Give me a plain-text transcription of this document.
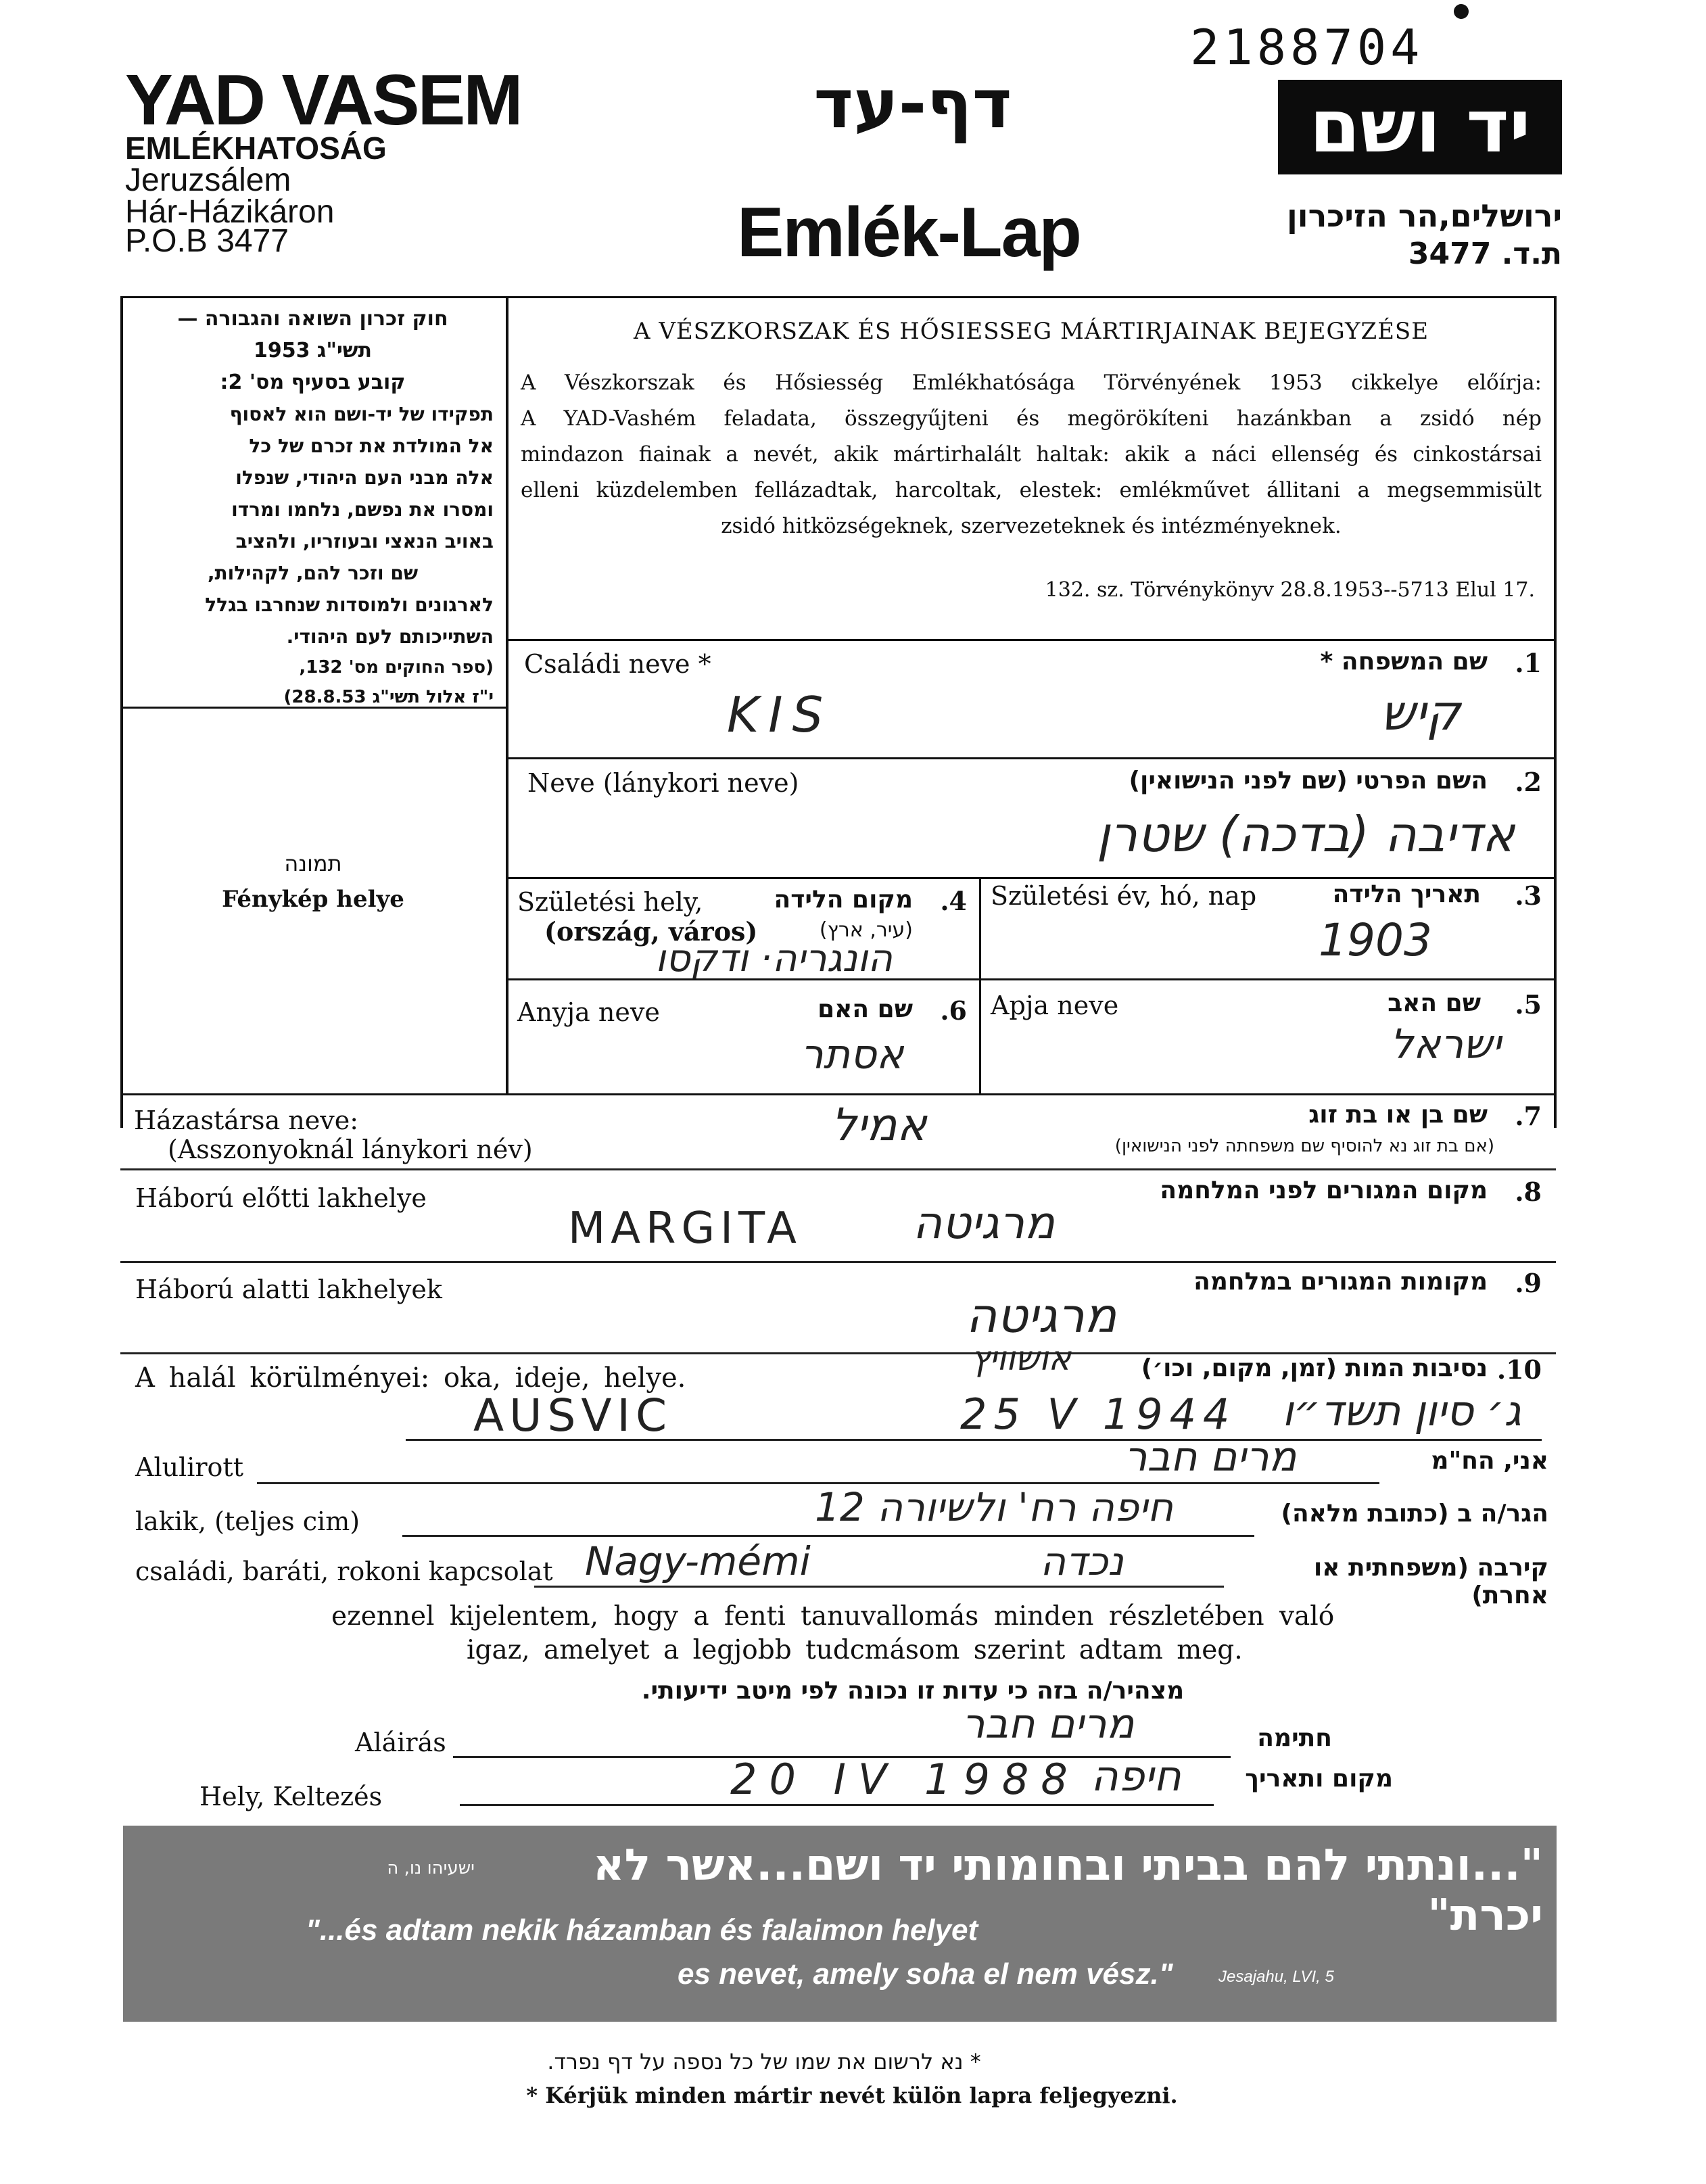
2188704
YAD VASEM
EMLÉKHATOSÁG
Jeruzsálem
Hár-Házikáron
P.O.B 3477
דף-עד
Emlék-Lap
יד ושם
ירושלים,הר הזיכרון
ת.ד. 3477
חוק זכרון השואה והגבורה —
תשי"ג 1953
קובע בסעיף מס' 2:
תפקידו של יד-ושם הוא לאסוף
אל המולדת את זכרם של כל
אלה מבני העם היהודי, שנפלו
ומסרו את נפשם, נלחמו ומרדו
באויב הנאצי ובעוזריו, ולהציב
שם וזכר להם, לקהילות,
לארגונים ולמוסדות שנחרבו בגלל
השתייכותם לעם היהודי.
(ספר החוקים מס' 132,
י"ז אלול תשי"ג 28.8.53)
תמונה
Fénykép helye
A VÉSZKORSZAK ÉS HŐSIESSEG MÁRTIRJAINAK BEJEGYZÉSE
A Vészkorszak és Hősiesség Emlékhatósága Törvényének 1953 cikkelye előírja:
A YAD-Vashém feladata, összegyűjteni és megörökíteni hazánkban a zsidó nép
mindazon fiainak a nevét, akik mártirhalált haltak: akik a náci ellenség és cinkostársai
elleni küzdelemben fellázadtak, harcoltak, elestek: emlékművet állitani a megsemmisült
zsidó hitközségeknek, szervezeteknek és intézményeknek.
132. sz. Törvénykönyv 28.8.1953--5713 Elul 17.
Családi neve *	שם המשפחה *	.1
KIS	קיש
Neve (lánykori neve)	השם הפרטי (שם לפני הנישואין)	.2
אדיבה (בדכה) שטרן
Születési hely,
(ország, város)
מקום הלידה
(עיר, ארץ)
.4
הונגריה· ודקסו
Születési év, hó, nap	תאריך הלידה	.3
1903
Anyja neve	שם האם	.6
אסתר
Apja neve	שם האב	.5
ישראל
Házastársa neve:
(Asszonyoknál lánykori név)
שם בן או בת זוג
(אם בת זוג נא להוסיף שם משפחתה לפני הנישואין)
.7
אמיל
Háború előtti lakhelye	מקום המגורים לפני המלחמה	.8
MARGITA	מרגיטה
Háború alatti lakhelyek	מקומות המגורים במלחמה	.9
מרגיטה
A halál körülményei: oka, ideje, helye.	נסיבות המות (זמן, מקום, וכו׳) .10
אושוויץ
AUSVIC	25 V 1944	ג׳ סיון תשד״ו
Alulirott	מרים חבר	אני, הח"מ
lakik, (teljes cim)	חיפה רח' ולשיורה 12	הגר/ה ב (כתובת מלאה)
családi, baráti, rokoni kapcsolat Nagy-mémi	נכדה	קירבה (משפחתית או אחרת)
ezennel kijelentem, hogy a fenti tanuvallomás minden részletében való
igaz, amelyet a legjobb tudcmásom szerint adtam meg.
מצהיר/ה בזה כי עדות זו נכונה לפי מיטב ידיעותי.
Aláirás	מרים חבר	חתימה
Hely, Keltezés	20 IV 1988 חיפה	מקום ותאריך
"...ונתתי להם בביתי ובחומותי יד ושם...אשר לא יכרת"
ישעיהו נו, ה
"...és adtam nekik házamban és falaimon helyet
es nevet, amely soha el nem vész."	Jesajahu, LVI, 5
* נא לרשום את שמו של כל נספה על דף נפרד.
* Kérjük minden mártir nevét külön lapra feljegyezni.
